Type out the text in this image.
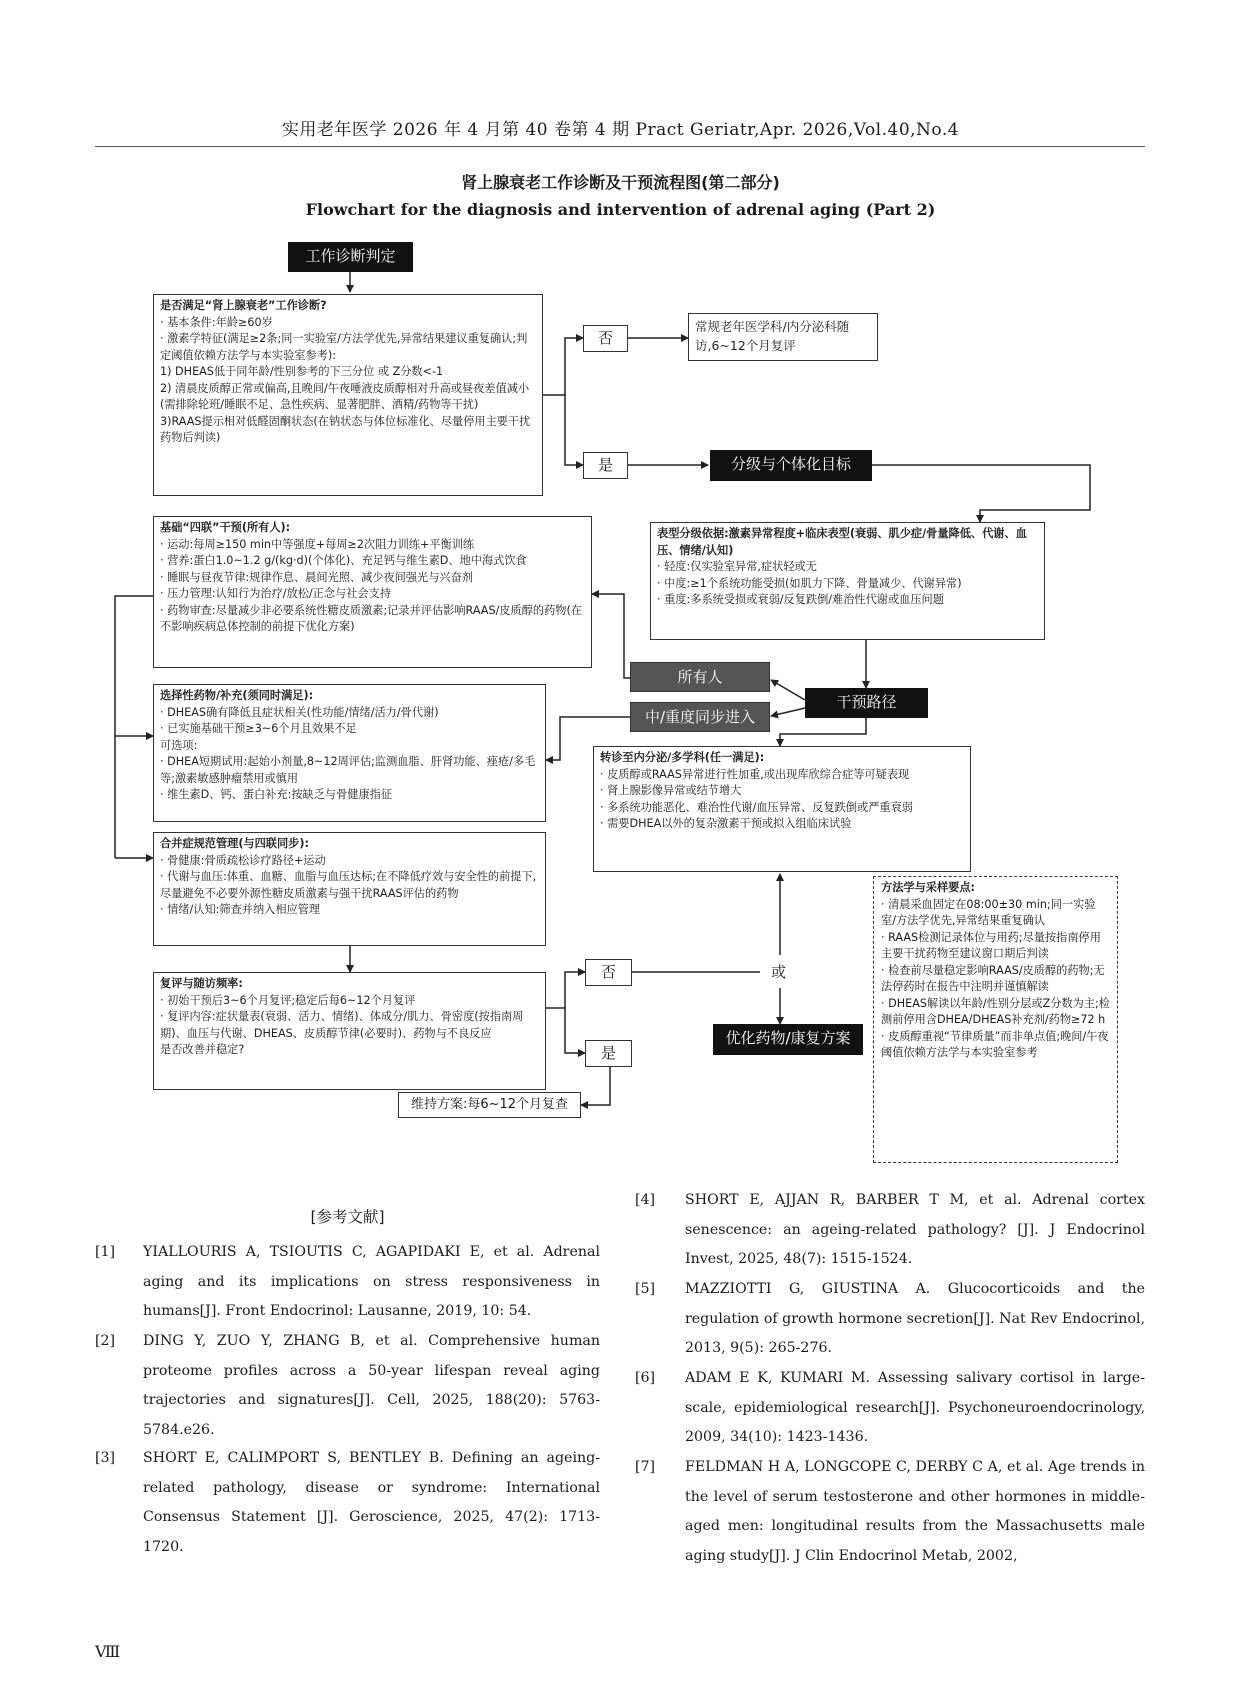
实用老年医学 2026 年 4 月第 40 卷第 4 期 Pract Geriatr,Apr. 2026,Vol.40,No.4
肾上腺衰老工作诊断及干预流程图(第二部分)
Flowchart for the diagnosis and intervention of adrenal aging (Part 2)
工作诊断判定
是否满足“肾上腺衰老”工作诊断?
· 基本条件:年龄≥60岁
· 激素学特征(满足≥2条;同一实验室/方法学优先,异常结果建议重复确认;判定阈值依赖方法学与本实验室参考):
1) DHEAS低于同年龄/性别参考的下三分位 或 Z分数<-1
2) 清晨皮质醇正常或偏高,且晚间/午夜唾液皮质醇相对升高或昼夜差值减小(需排除轮班/睡眠不足、急性疾病、显著肥胖、酒精/药物等干扰)
3)RAAS提示相对低醛固酮状态(在钠状态与体位标准化、尽量停用主要干扰药物后判读)
否
常规老年医学科/内分泌科随访,6~12个月复评
是	分级与个体化目标
表型分级依据:激素异常程度+临床表型(衰弱、肌少症/骨量降低、代谢、血压、情绪/认知)
· 轻度:仅实验室异常,症状轻或无
· 中度:≥1个系统功能受损(如肌力下降、骨量减少、代谢异常)
· 重度:多系统受损或衰弱/反复跌倒/难治性代谢或血压问题
基础“四联”干预(所有人):
· 运动:每周≥150 min中等强度+每周≥2次阻力训练+平衡训练
· 营养:蛋白1.0~1.2 g/(kg·d)(个体化)、充足钙与维生素D、地中海式饮食
· 睡眠与昼夜节律:规律作息、晨间光照、减少夜间强光与兴奋剂
· 压力管理:认知行为治疗/放松/正念与社会支持
· 药物审查:尽量减少非必要系统性糖皮质激素;记录并评估影响RAAS/皮质醇的药物(在不影响疾病总体控制的前提下优化方案)
所有人
干预路径
中/重度同步进入
选择性药物/补充(须同时满足):
· DHEAS确有降低且症状相关(性功能/情绪/活力/骨代谢)
· 已实施基础干预≥3~6个月且效果不足
可选项:
· DHEA短期试用:起始小剂量,8~12周评估;监测血脂、肝肾功能、痤疮/多毛等;激素敏感肿瘤禁用或慎用
· 维生素D、钙、蛋白补充:按缺乏与骨健康指征
转诊至内分泌/多学科(任一满足):
· 皮质醇或RAAS异常进行性加重,或出现库欣综合症等可疑表现
· 肾上腺影像异常或结节增大
· 多系统功能恶化、难治性代谢/血压异常、反复跌倒或严重衰弱
· 需要DHEA以外的复杂激素干预或拟入组临床试验
合并症规范管理(与四联同步):
· 骨健康:骨质疏松诊疗路径+运动
· 代谢与血压:体重、血糖、血脂与血压达标;在不降低疗效与安全性的前提下,尽量避免不必要外源性糖皮质激素与强干扰RAAS评估的药物
· 情绪/认知:筛查并纳入相应管理
方法学与采样要点:
· 清晨采血固定在08:00±30 min;同一实验室/方法学优先,异常结果重复确认
· RAAS检测记录体位与用药;尽量按指南停用主要干扰药物至建议窗口期后判读
· 检查前尽量稳定影响RAAS/皮质醇的药物;无法停药时在报告中注明并谨慎解读
· DHEAS解读以年龄/性别分层或Z分数为主;检测前停用含DHEA/DHEAS补充剂/药物≥72 h
· 皮质醇重视“节律质量”而非单点值;晚间/午夜阈值依赖方法学与本实验室参考
复评与随访频率:
· 初始干预后3~6个月复评;稳定后每6~12个月复评
· 复评内容:症状量表(衰弱、活力、情绪)、体成分/肌力、骨密度(按指南周期)、血压与代谢、DHEAS、皮质醇节律(必要时)、药物与不良反应
是否改善并稳定?
否	或
优化药物/康复方案
是
维持方案:每6~12个月复查
[参考文献]
[1] YIALLOURIS A, TSIOUTIS C, AGAPIDAKI E, et al. Adrenal aging and its implications on stress responsiveness in humans[J]. Front Endocrinol: Lausanne, 2019, 10: 54.
[2] DING Y, ZUO Y, ZHANG B, et al. Comprehensive human proteome profiles across a 50-year lifespan reveal aging trajectories and signatures[J]. Cell, 2025, 188(20): 5763-5784.e26.
[3] SHORT E, CALIMPORT S, BENTLEY B. Defining an ageing-related pathology, disease or syndrome: International Consensus Statement [J]. Geroscience, 2025, 47(2): 1713-1720.
[4] SHORT E, AJJAN R, BARBER T M, et al. Adrenal cortex senescence: an ageing-related pathology? [J]. J Endocrinol Invest, 2025, 48(7): 1515-1524.
[5] MAZZIOTTI G, GIUSTINA A. Glucocorticoids and the regulation of growth hormone secretion[J]. Nat Rev Endocrinol, 2013, 9(5): 265-276.
[6] ADAM E K, KUMARI M. Assessing salivary cortisol in large-scale, epidemiological research[J]. Psychoneuroendocrinology, 2009, 34(10): 1423-1436.
[7] FELDMAN H A, LONGCOPE C, DERBY C A, et al. Age trends in the level of serum testosterone and other hormones in middle-aged men: longitudinal results from the Massachusetts male aging study[J]. J Clin Endocrinol Metab, 2002,
Ⅷ
